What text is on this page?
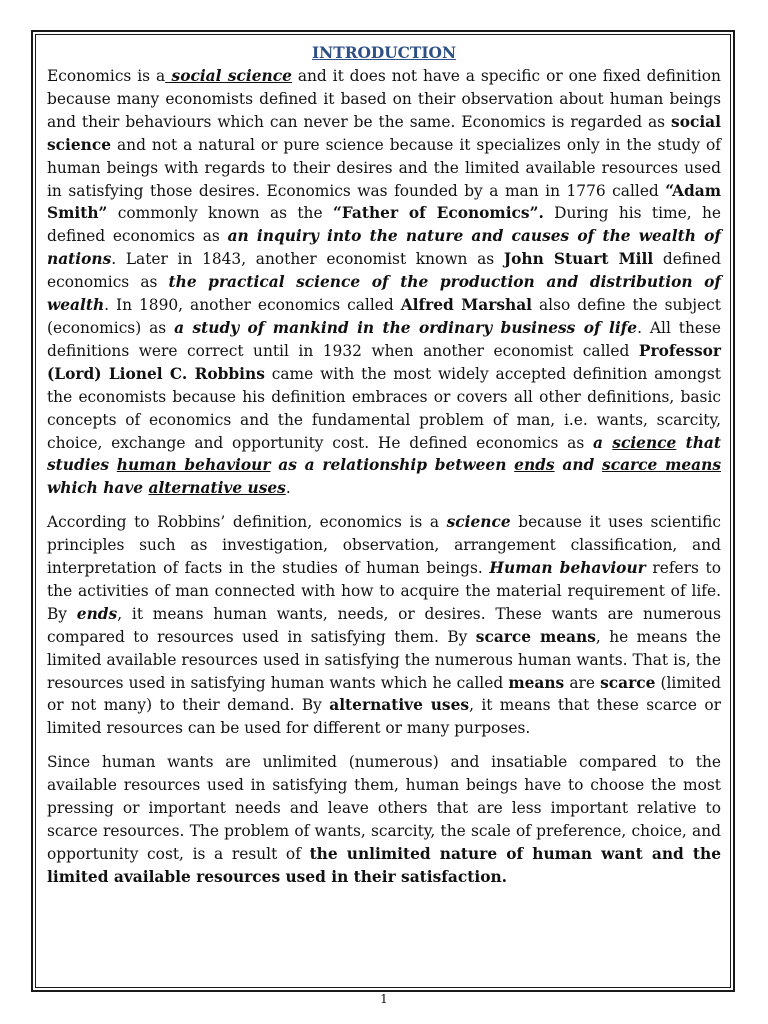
INTRODUCTION

Economics is a social science and it does not have a specific or one fixed definition because many economists defined it based on their observation about human beings and their behaviours which can never be the same. Economics is regarded as social science and not a natural or pure science because it specializes only in the study of human beings with regards to their desires and the limited available resources used in satisfying those desires. Economics was founded by a man in 1776 called “Adam Smith” commonly known as the “Father of Economics”. During his time, he defined economics as an inquiry into the nature and causes of the wealth of nations. Later in 1843, another economist known as John Stuart Mill defined economics as the practical science of the production and distribution of wealth. In 1890, another economics called Alfred Marshal also define the subject (economics) as a study of mankind in the ordinary business of life. All these definitions were correct until in 1932 when another economist called Professor (Lord) Lionel C. Robbins came with the most widely accepted definition amongst the economists because his definition embraces or covers all other definitions, basic concepts of economics and the fundamental problem of man, i.e. wants, scarcity, choice, exchange and opportunity cost. He defined economics as a science that studies human behaviour as a relationship between ends and scarce means which have alternative uses.

According to Robbins’ definition, economics is a science because it uses scientific principles such as investigation, observation, arrangement classification, and interpretation of facts in the studies of human beings. Human behaviour refers to the activities of man connected with how to acquire the material requirement of life. By ends, it means human wants, needs, or desires. These wants are numerous compared to resources used in satisfying them. By scarce means, he means the limited available resources used in satisfying the numerous human wants. That is, the resources used in satisfying human wants which he called means are scarce (limited or not many) to their demand. By alternative uses, it means that these scarce or limited resources can be used for different or many purposes.

Since human wants are unlimited (numerous) and insatiable compared to the available resources used in satisfying them, human beings have to choose the most pressing or important needs and leave others that are less important relative to scarce resources. The problem of wants, scarcity, the scale of preference, choice, and opportunity cost, is a result of the unlimited nature of human want and the limited available resources used in their satisfaction.

1
